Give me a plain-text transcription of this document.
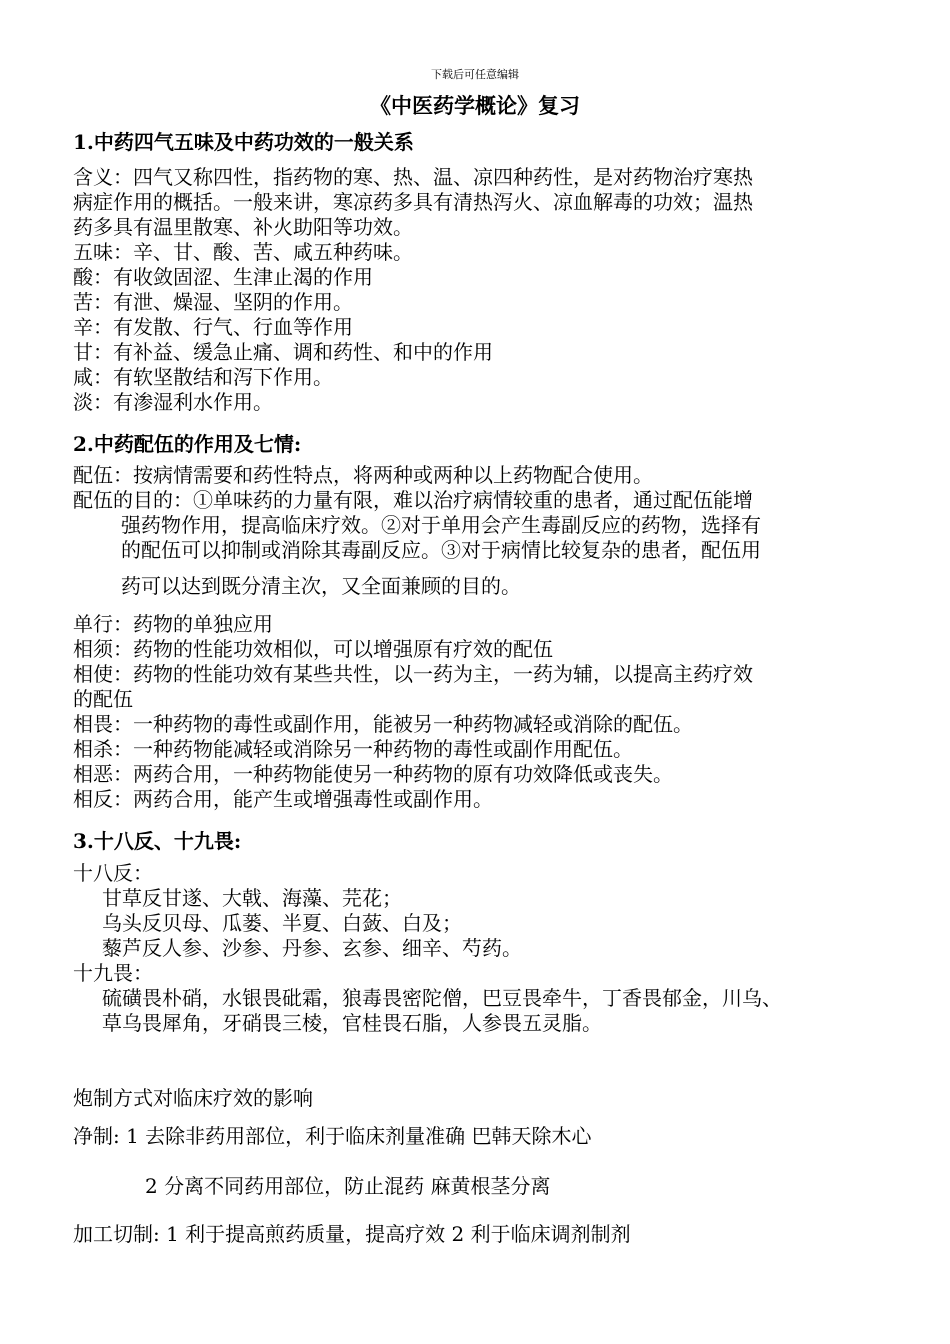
下载后可任意编辑
《中医药学概论》复习
1.中药四气五味及中药功效的一般关系
含义：四气又称四性，指药物的寒、热、温、凉四种药性，是对药物治疗寒热
病症作用的概括。一般来讲，寒凉药多具有清热泻火、凉血解毒的功效；温热
药多具有温里散寒、补火助阳等功效。
五味：辛、甘、酸、苦、咸五种药味。
酸：有收敛固涩、生津止渴的作用
苦：有泄、燥湿、坚阴的作用。
辛：有发散、行气、行血等作用
甘：有补益、缓急止痛、调和药性、和中的作用
咸：有软坚散结和泻下作用。
淡：有渗湿利水作用。
2.中药配伍的作用及七情:
配伍：按病情需要和药性特点，将两种或两种以上药物配合使用。
配伍的目的：①单味药的力量有限，难以治疗病情较重的患者，通过配伍能增
强药物作用，提高临床疗效。②对于单用会产生毒副反应的药物，选择有
的配伍可以抑制或消除其毒副反应。③对于病情比较复杂的患者，配伍用
药可以达到既分清主次，又全面兼顾的目的。
单行：药物的单独应用
相须：药物的性能功效相似，可以增强原有疗效的配伍
相使：药物的性能功效有某些共性，以一药为主，一药为辅，以提高主药疗效
的配伍
相畏：一种药物的毒性或副作用，能被另一种药物减轻或消除的配伍。
相杀：一种药物能减轻或消除另一种药物的毒性或副作用配伍。
相恶：两药合用，一种药物能使另一种药物的原有功效降低或丧失。
相反：两药合用，能产生或增强毒性或副作用。
3.十八反、十九畏:
十八反：
甘草反甘遂、大戟、海藻、芫花；
乌头反贝母、瓜蒌、半夏、白蔹、白及；
藜芦反人参、沙参、丹参、玄参、细辛、芍药。
十九畏：
硫磺畏朴硝，水银畏砒霜，狼毒畏密陀僧，巴豆畏牵牛，丁香畏郁金，川乌、
草乌畏犀角，牙硝畏三棱，官桂畏石脂，人参畏五灵脂。
炮制方式对临床疗效的影响
净制: 1 去除非药用部位，利于临床剂量准确 巴韩天除木心
2 分离不同药用部位，防止混药 麻黄根茎分离
加工切制: 1 利于提高煎药质量，提高疗效 2 利于临床调剂制剂
